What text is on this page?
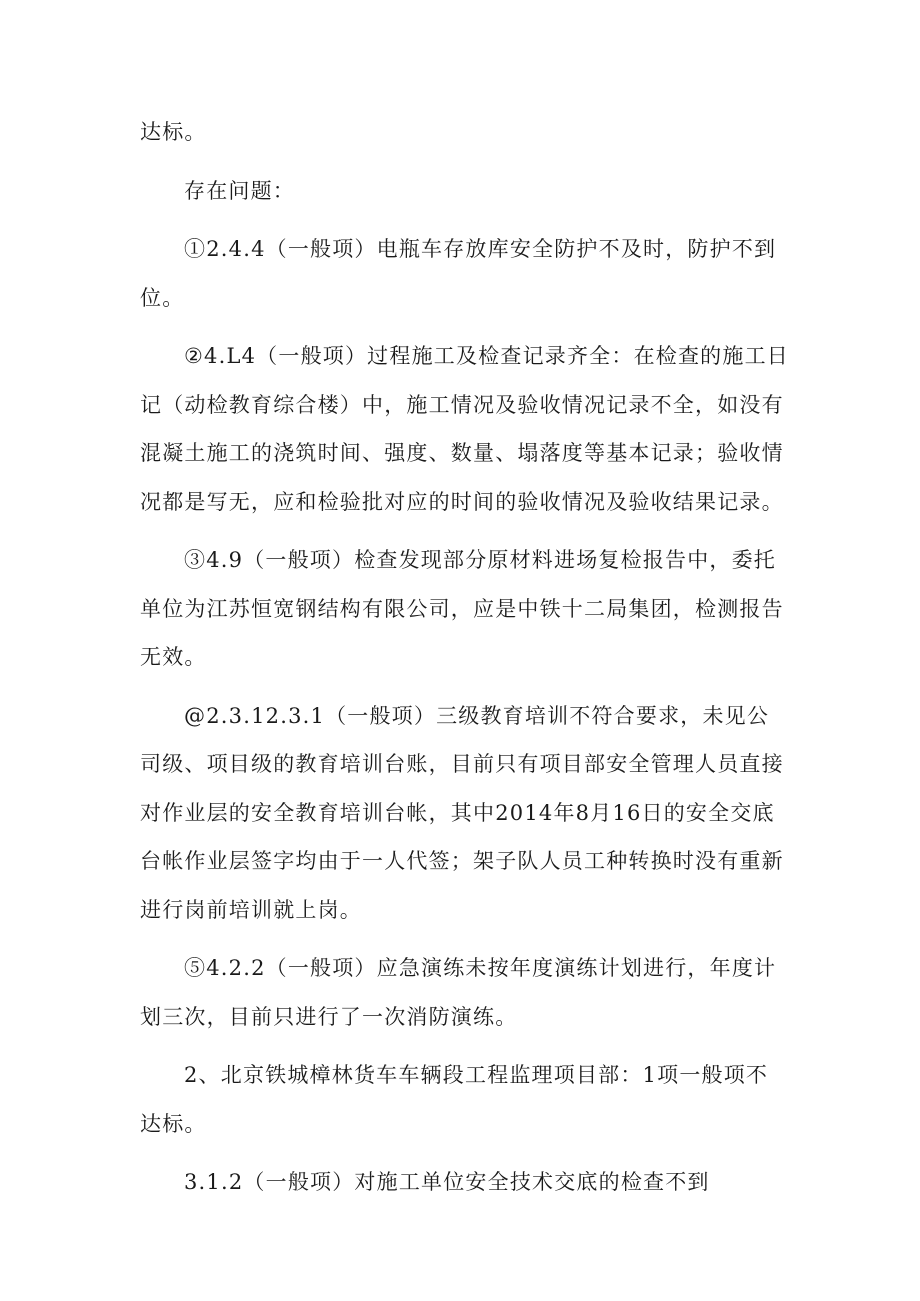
达标。

存在问题：

①2.4.4（一般项）电瓶车存放库安全防护不及时，防护不到位。

②4.L4（一般项）过程施工及检查记录齐全：在检查的施工日记（动检教育综合楼）中，施工情况及验收情况记录不全，如没有混凝土施工的浇筑时间、强度、数量、塌落度等基本记录；验收情况都是写无，应和检验批对应的时间的验收情况及验收结果记录。

③4.9（一般项）检查发现部分原材料进场复检报告中，委托单位为江苏恒宽钢结构有限公司，应是中铁十二局集团，检测报告无效。

@2.3.12.3.1（一般项）三级教育培训不符合要求，未见公司级、项目级的教育培训台账，目前只有项目部安全管理人员直接对作业层的安全教育培训台帐，其中2014年8月16日的安全交底台帐作业层签字均由于一人代签；架子队人员工种转换时没有重新进行岗前培训就上岗。

⑤4.2.2（一般项）应急演练未按年度演练计划进行，年度计划三次，目前只进行了一次消防演练。

2、北京铁城樟林货车车辆段工程监理项目部：1项一般项不达标。

3.1.2（一般项）对施工单位安全技术交底的检查不到
